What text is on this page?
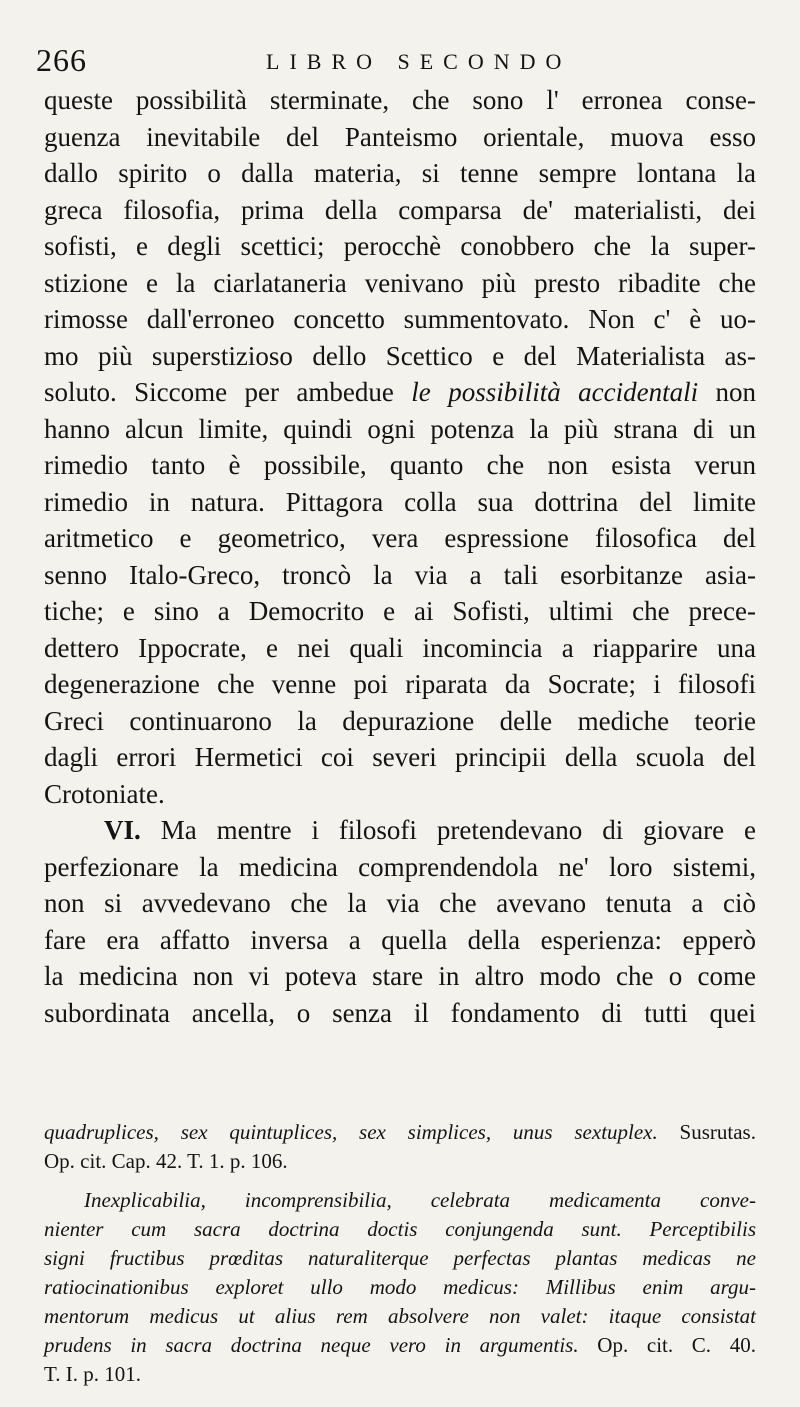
266	LIBRO SECONDO
queste possibilità sterminate, che sono l' erronea conse-
guenza inevitabile del Panteismo orientale, muova esso
dallo spirito o dalla materia, si tenne sempre lontana la
greca filosofia, prima della comparsa de' materialisti, dei
sofisti, e degli scettici; perocchè conobbero che la super-
stizione e la ciarlataneria venivano più presto ribadite che
rimosse dall'erroneo concetto summentovato. Non c' è uo-
mo più superstizioso dello Scettico e del Materialista as-
soluto. Siccome per ambedue le possibilità accidentali non
hanno alcun limite, quindi ogni potenza la più strana di un
rimedio tanto è possibile, quanto che non esista verun
rimedio in natura. Pittagora colla sua dottrina del limite
aritmetico e geometrico, vera espressione filosofica del
senno Italo-Greco, troncò la via a tali esorbitanze asia-
tiche; e sino a Democrito e ai Sofisti, ultimi che prece-
dettero Ippocrate, e nei quali incomincia a riapparire una
degenerazione che venne poi riparata da Socrate; i filosofi
Greci continuarono la depurazione delle mediche teorie
dagli errori Hermetici coi severi principii della scuola del
Crotoniate.
VI. Ma mentre i filosofi pretendevano di giovare e
perfezionare la medicina comprendendola ne' loro sistemi,
non si avvedevano che la via che avevano tenuta a ciò
fare era affatto inversa a quella della esperienza: epperò
la medicina non vi poteva stare in altro modo che o come
subordinata ancella, o senza il fondamento di tutti quei
quadruplices, sex quintuplices, sex simplices, unus sextuplex. Susrutas.
Op. cit. Cap. 42. T. 1. p. 106.
Inexplicabilia, incomprensibilia, celebrata medicamenta conve-
nienter cum sacra doctrina doctis conjungenda sunt. Perceptibilis
signi fructibus prœditas naturaliterque perfectas plantas medicas ne
ratiocinationibus exploret ullo modo medicus: Millibus enim argu-
mentorum medicus ut alius rem absolvere non valet: itaque consistat
prudens in sacra doctrina neque vero in argumentis. Op. cit. C. 40.
T. I. p. 101.
